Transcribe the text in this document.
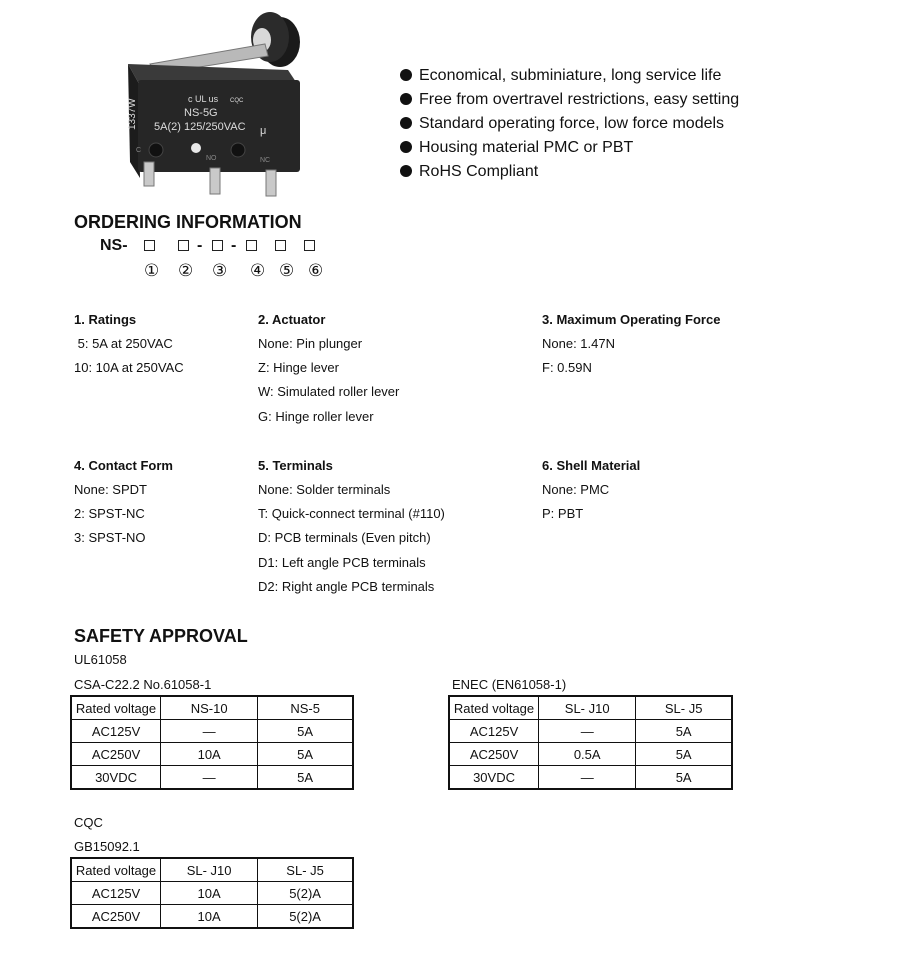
1337W	c UL us CQC
NS-5G
5A(2) 125/250VAC μ
C
NO	NC
Economical, subminiature, long service life
Free from overtravel restrictions, easy setting
Standard operating force, low force models
Housing material PMC or PBT
RoHS Compliant
ORDERING INFORMATION
NS-	- -
① ② ③ ④ ⑤ ⑥
1. Ratings
5: 5A at 250VAC
10: 10A at 250VAC
2. Actuator
None: Pin plunger
Z: Hinge lever
W: Simulated roller lever
G: Hinge roller lever
3. Maximum Operating Force
None: 1.47N
F: 0.59N
4. Contact Form
None: SPDT
2: SPST-NC
3: SPST-NO
5. Terminals
None: Solder terminals
T: Quick-connect terminal (#110)
D: PCB terminals (Even pitch)
D1: Left angle PCB terminals
D2: Right angle PCB terminals
6. Shell Material
None: PMC
P: PBT
SAFETY APPROVAL
UL61058
CSA-C22.2 No.61058-1	ENEC (EN61058-1)
Rated voltage	NS-10	NS-5
AC125V	—	5A
AC250V	10A	5A
30VDC	—	5A
Rated voltage	SL- J10	SL- J5
AC125V	—	5A
AC250V	0.5A	5A
30VDC	—	5A
CQC
GB15092.1
Rated voltage	SL- J10	SL- J5
AC125V	10A	5(2)A
AC250V	10A	5(2)A
